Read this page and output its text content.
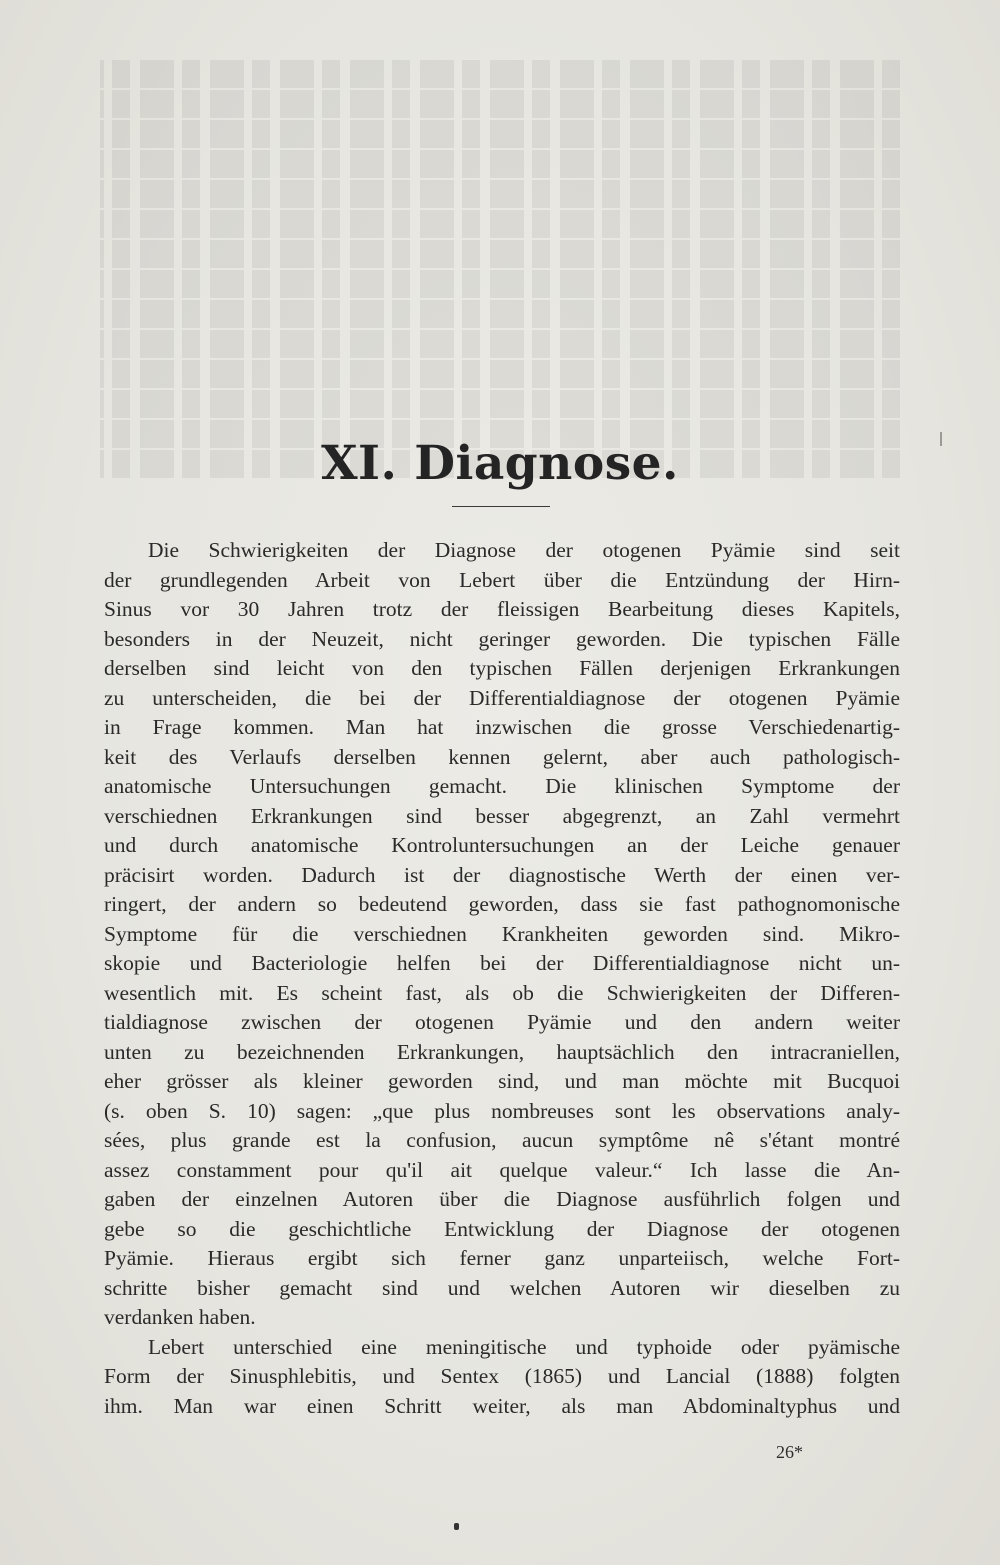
XI. Diagnose.
Die Schwierigkeiten der Diagnose der otogenen Pyämie sind seit
der grundlegenden Arbeit von Lebert über die Entzündung der Hirn-
Sinus vor 30 Jahren trotz der fleissigen Bearbeitung dieses Kapitels,
besonders in der Neuzeit, nicht geringer geworden. Die typischen Fälle
derselben sind leicht von den typischen Fällen derjenigen Erkrankungen
zu unterscheiden, die bei der Differentialdiagnose der otogenen Pyämie
in Frage kommen. Man hat inzwischen die grosse Verschiedenartig-
keit des Verlaufs derselben kennen gelernt, aber auch pathologisch-
anatomische Untersuchungen gemacht. Die klinischen Symptome der
verschiednen Erkrankungen sind besser abgegrenzt, an Zahl vermehrt
und durch anatomische Kontroluntersuchungen an der Leiche genauer
präcisirt worden. Dadurch ist der diagnostische Werth der einen ver-
ringert, der andern so bedeutend geworden, dass sie fast pathognomonische
Symptome für die verschiednen Krankheiten geworden sind. Mikro-
skopie und Bacteriologie helfen bei der Differentialdiagnose nicht un-
wesentlich mit. Es scheint fast, als ob die Schwierigkeiten der Differen-
tialdiagnose zwischen der otogenen Pyämie und den andern weiter
unten zu bezeichnenden Erkrankungen, hauptsächlich den intracraniellen,
eher grösser als kleiner geworden sind, und man möchte mit Bucquoi
(s. oben S. 10) sagen: „que plus nombreuses sont les observations analy-
sées, plus grande est la confusion, aucun symptôme nê s'étant montré
assez constamment pour qu'il ait quelque valeur.“ Ich lasse die An-
gaben der einzelnen Autoren über die Diagnose ausführlich folgen und
gebe so die geschichtliche Entwicklung der Diagnose der otogenen
Pyämie. Hieraus ergibt sich ferner ganz unparteiisch, welche Fort-
schritte bisher gemacht sind und welchen Autoren wir dieselben zu
verdanken haben.
Lebert unterschied eine meningitische und typhoide oder pyämische
Form der Sinusphlebitis, und Sentex (1865) und Lancial (1888) folgten
ihm. Man war einen Schritt weiter, als man Abdominaltyphus und
26*
